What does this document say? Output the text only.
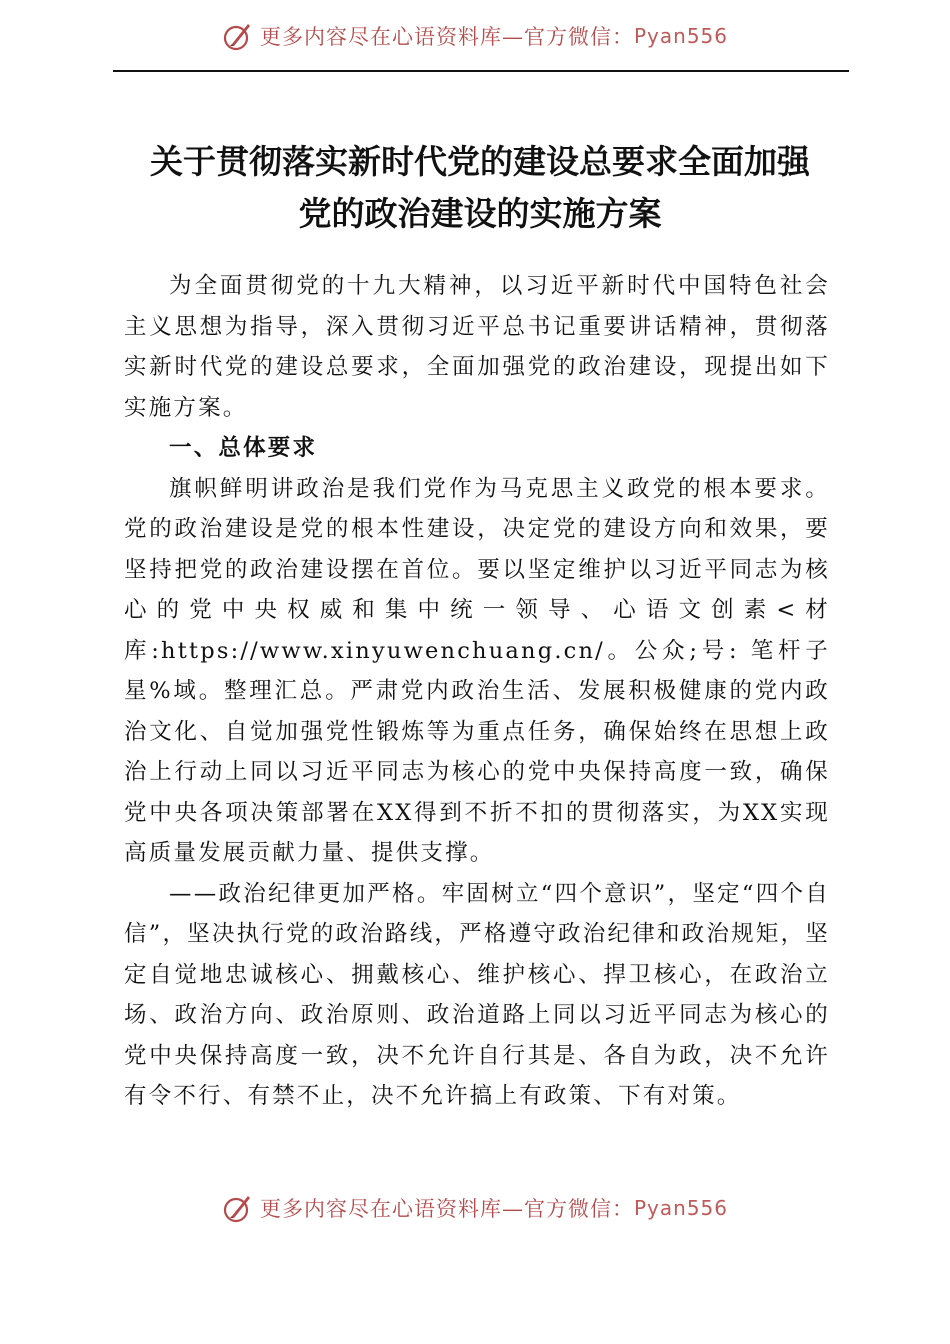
更多内容尽在心语资料库—官方微信： Pyan556
关于贯彻落实新时代党的建设总要求全面加强
党的政治建设的实施方案

为全面贯彻党的十九大精神，以习近平新时代中国特色社会主义思想为指导，深入贯彻习近平总书记重要讲话精神，贯彻落实新时代党的建设总要求，全面加强党的政治建设，现提出如下实施方案。

一、总体要求

旗帜鲜明讲政治是我们党作为马克思主义政党的根本要求。党的政治建设是党的根本性建设，决定党的建设方向和效果，要坚持把党的政治建设摆在首位。要以坚定维护以习近平同志为核心的党中央权威和集中统一领导、心语文创素<材库:https://www.xinyuwenchuang.cn/。公众;号: 笔杆子星%域。整理汇总。严肃党内政治生活、发展积极健康的党内政治文化、自觉加强党性锻炼等为重点任务，确保始终在思想上政治上行动上同以习近平同志为核心的党中央保持高度一致，确保党中央各项决策部署在XX得到不折不扣的贯彻落实，为XX实现高质量发展贡献力量、提供支撑。

——政治纪律更加严格。牢固树立“四个意识”，坚定“四个自信”，坚决执行党的政治路线，严格遵守政治纪律和政治规矩，坚定自觉地忠诚核心、拥戴核心、维护核心、捍卫核心，在政治立场、政治方向、政治原则、政治道路上同以习近平同志为核心的党中央保持高度一致，决不允许自行其是、各自为政，决不允许有令不行、有禁不止，决不允许搞上有政策、下有对策。

更多内容尽在心语资料库—官方微信： Pyan556
